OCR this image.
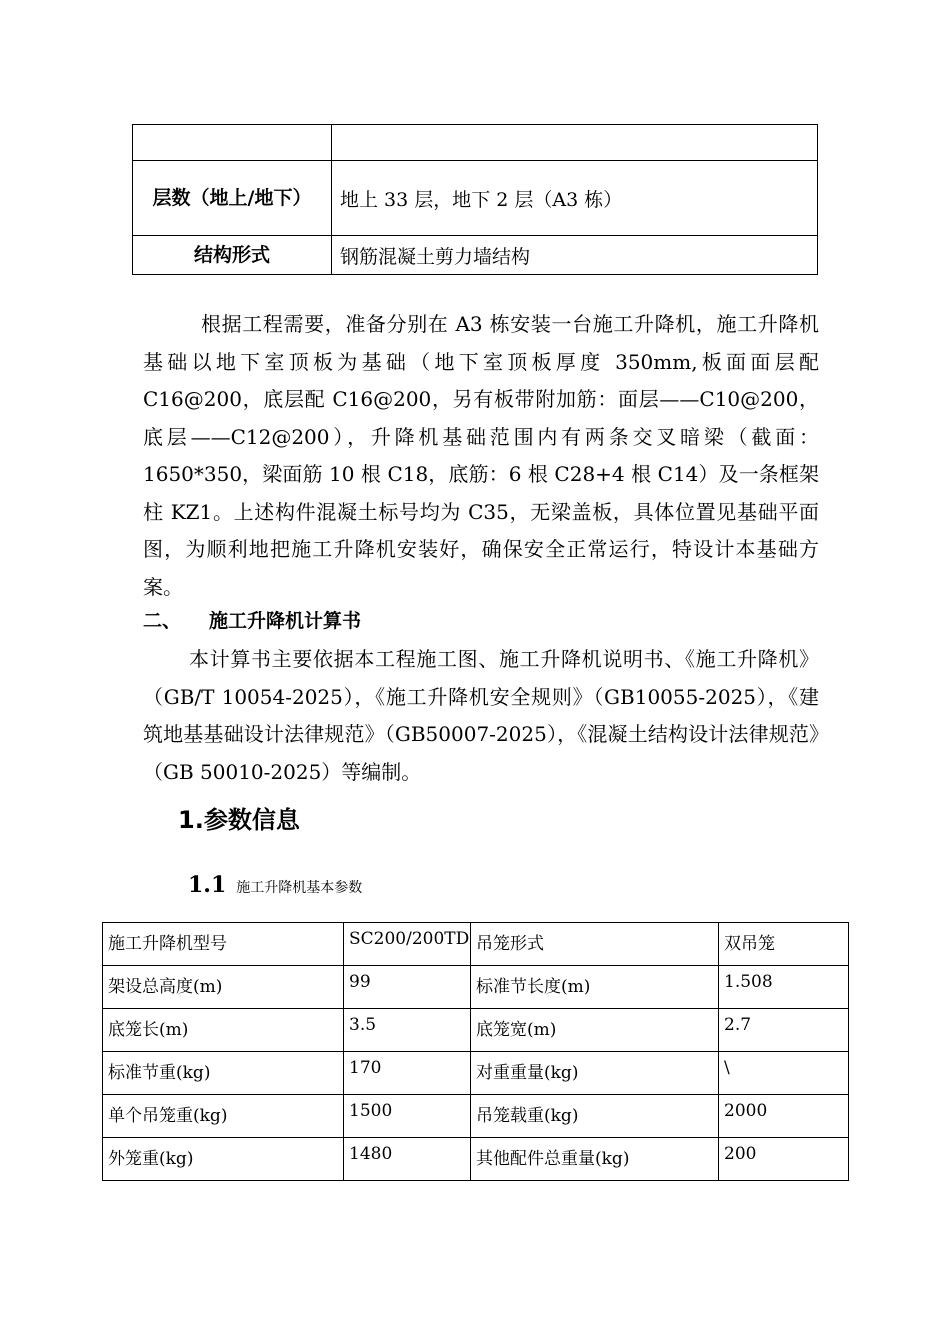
层数（地上/地下）	地上 33 层，地下 2 层（A3 栋）
结构形式	钢筋混凝土剪力墙结构
根据工程需要，准备分别在 A3 栋安装一台施工升降机，施工升降机基础以地下室顶板为基础（地下室顶板厚度 350mm,板面面层配 C16@200，底层配 C16@200，另有板带附加筋：面层——C10@200，底层——C12@200），升降机基础范围内有两条交叉暗梁（截面：1650*350，梁面筋 10 根 C18，底筋：6 根 C28+4 根 C14）及一条框架柱 KZ1。上述构件混凝土标号均为 C35，无梁盖板，具体位置见基础平面图，为顺利地把施工升降机安装好，确保安全正常运行，特设计本基础方案。
二、 施工升降机计算书
本计算书主要依据本工程施工图、施工升降机说明书、《施工升降机》（GB/T 10054-2025），《施工升降机安全规则》（GB10055-2025），《建筑地基基础设计法律规范》（GB50007-2025），《混凝土结构设计法律规范》（GB 50010-2025）等编制。
1.参数信息
1.1 施工升降机基本参数
施工升降机型号	SC200/200TD	吊笼形式	双吊笼
架设总高度(m)	99	标准节长度(m)	1.508
底笼长(m)	3.5	底笼宽(m)	2.7
标准节重(kg)	170	对重重量(kg)	\
单个吊笼重(kg)	1500	吊笼载重(kg)	2000
外笼重(kg)	1480	其他配件总重量(kg)	200
